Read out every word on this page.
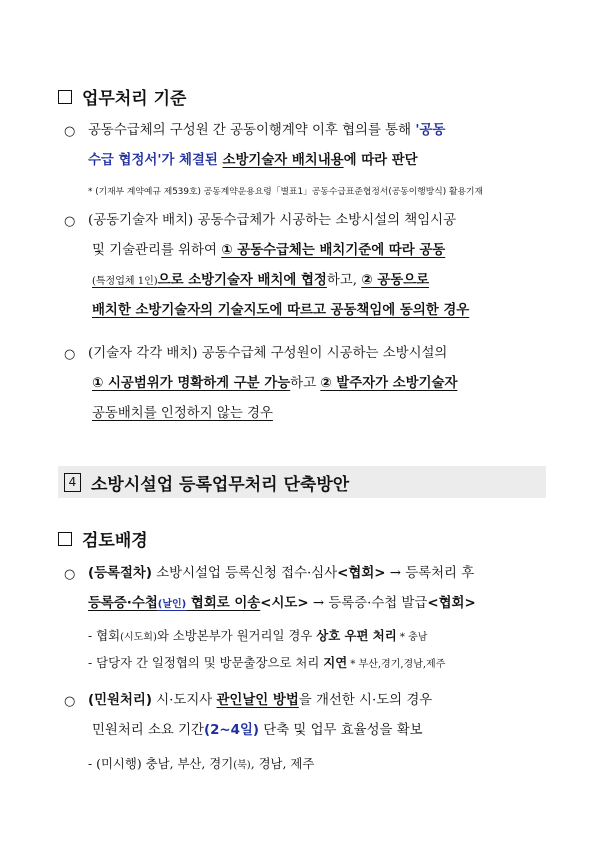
업무처리 기준
○ 공동수급체의 구성원 간 공동이행계약 이후 협의를 통해 '공동
수급 협정서'가 체결된 소방기술자 배치내용에 따라 판단
* (기재부 계약예규 제539호) 공동계약운용요령「별표1」공동수급표준협정서(공동이행방식) 활용기재
○ (공동기술자 배치) 공동수급체가 시공하는 소방시설의 책임시공
및 기술관리를 위하여 ① 공동수급체는 배치기준에 따라 공동
(특정업체 1인)으로 소방기술자 배치에 협정하고, ② 공동으로
배치한 소방기술자의 기술지도에 따르고 공동책임에 동의한 경우
○ (기술자 각각 배치) 공동수급체 구성원이 시공하는 소방시설의
① 시공범위가 명확하게 구분 가능하고 ② 발주자가 소방기술자
공동배치를 인정하지 않는 경우
4 소방시설업 등록업무처리 단축방안
검토배경
○ (등록절차) 소방시설업 등록신청 접수·심사<협회> → 등록처리 후
등록증·수첩(날인) 협회로 이송<시도> → 등록증·수첩 발급<협회>
- 협회(시도회)와 소방본부가 원거리일 경우 상호 우편 처리 * 충남
- 담당자 간 일정협의 및 방문출장으로 처리 지연 * 부산,경기,경남,제주
○ (민원처리) 시·도지사 관인날인 방법을 개선한 시·도의 경우
민원처리 소요 기간(2~4일) 단축 및 업무 효율성을 확보
- (미시행) 충남, 부산, 경기(북), 경남, 제주
